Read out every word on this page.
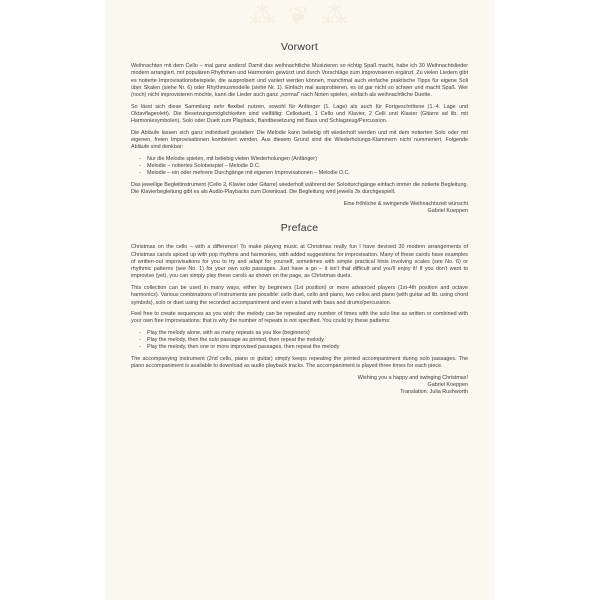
⁂ ❦ ⁂
Vorwort

Weihnachten mit dem Cello – mal ganz anders! Damit das weihnachtliche Musizieren so richtig Spaß macht, habe ich 30 Weihnachtslieder modern arrangiert, mit populären Rhythmen und Harmonien gewürzt und durch Vorschläge zum Improvisieren ergänzt. Zu vielen Liedern gibt es notierte Improvisationsbeispiele, die ausprobiert und variiert werden können, manchmal auch einfache praktische Tipps für eigene Soli über Skalen (siehe Nr. 6) oder Rhythmusmodelle (siehe Nr. 1). Einfach mal ausprobieren, es ist gar nicht so schwer und macht Spaß. Wer (noch) nicht improvisieren möchte, kann die Lieder auch ganz „normal“ nach Noten spielen, einfach als weihnachtliche Duette.

So lässt sich diese Sammlung sehr flexibel nutzen, sowohl für Anfänger (1. Lage) als auch für Fortgeschrittene (1.-4. Lage und Oktavflageolett). Die Besetzungsmöglichkeiten sind vielfältig: Celloduett, 1 Cello und Klavier, 2 Celli und Klavier (Gitarre ad lib. mit Harmoniesymbolen), Solo oder Duett zum Playback, Bandbesetzung mit Bass und Schlagzeug/Percussion.

Die Abläufe lassen sich ganz individuell gestalten: Die Melodie kann beliebig oft wiederholt werden und mit dem notierten Solo oder mit eigenen, freien Improvisationen kombiniert werden. Aus diesem Grund sind die Wiederholungs-Klammern nicht nummeriert. Folgende Abläufe sind denkbar:

- Nur die Melodie spielen, mit beliebig vielen Wiederholungen (Anfänger)
- Melodie – notiertes Solobeispiel – Melodie D.C.
- Melodie – ein oder mehrere Durchgänge mit eigenen Improvisationen – Melodie D.C.

Das jeweilige Begleitinstrument (Cello 2, Klavier oder Gitarre) wiederholt während der Solodurchgänge einfach immer die notierte Begleitung. Die Klavierbegleitung gibt es als Audio-Playbacks zum Download. Die Begleitung wird jeweils 3x durchgespielt.

Eine fröhliche & swingende Weihnachtszeit wünscht
Gabriel Koeppen
Preface

Christmas on the cello – with a difference! To make playing music at Christmas really fun I have devised 30 modern arrangements of Christmas carols spiced up with pop rhythms and harmonies, with added suggestions for improvisation. Many of these carols have examples of written-out improvisations for you to try and adapt for yourself, sometimes with simple practical hints involving scales (see No. 6) or rhythmic patterns (see No. 1) for your own solo passages. Just have a go – it isn't that difficult and you'll enjoy it! If you don't want to improvise (yet), you can simply play these carols as shown on the page, as Christmas duets.

This collection can be used in many ways, either by beginners (1st position) or more advanced players (1st-4th position and octave harmonics). Various combinations of instruments are possible: cello duet, cello and piano, two cellos and piano (with guitar ad lib. using chord symbols), solo or duet using the recorded accompaniment and even a band with bass and drums/percussion.

Feel free to create sequences as you wish: the melody can be repeated any number of times with the solo line as written or combined with your own free improvisations: that is why the number of repeats is not specified. You could try these patterns:

- Play the melody alone, with as many repeats as you like (beginners)
- Play the melody, then the solo passage as printed, then repeat the melody
- Play the melody, then one or more improvised passages, then repeat the melody

The accompanying instrument (2nd cello, piano or guitar) simply keeps repeating the printed accompaniment during solo passages. The piano accompaniment is available to download as audio playback tracks. The accompaniment is played three times for each piece.

Wishing you a happy and swinging Christmas!
Gabriel Koeppen
Translation: Julia Rushworth
